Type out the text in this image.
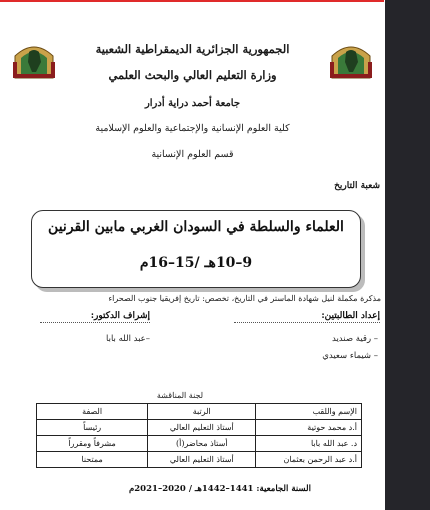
الجمهورية الجزائرية الديمقراطية الشعبية
وزارة التعليم العالي والبحث العلمي
جامعة أحمد دراية أدرار
كلية العلوم الإنسانية والإجتماعية والعلوم الإسلامية
قسم العلوم الإنسانية
شعبة التاريخ
العلماء والسلطة في السودان الغربي مابين القرنين
9–10هـ /15–16م
مذكرة مكملة لنيل شهادة الماستر في التاريخ، تخصص: تاريخ إفريقيا جنوب الصحراء
إعداد الطالبتين:
– رقية صنديد
– شيماء سعيدي
إشراف الدكتور:
–عبد الله بابا
لجنة المناقشة
الإسم واللقب	الرتبة	الصفة
أ.د محمد حوتية	أستاذ التعليم العالي	رئيساً
د. عبد الله بابا	أستاذ محاضر(أ)	مشرفاً ومقرراً
أ.د عبد الرحمن بعثمان	أستاذ التعليم العالي	ممتحنا
السنة الجامعية: 1441–1442هـ / 2020–2021م
